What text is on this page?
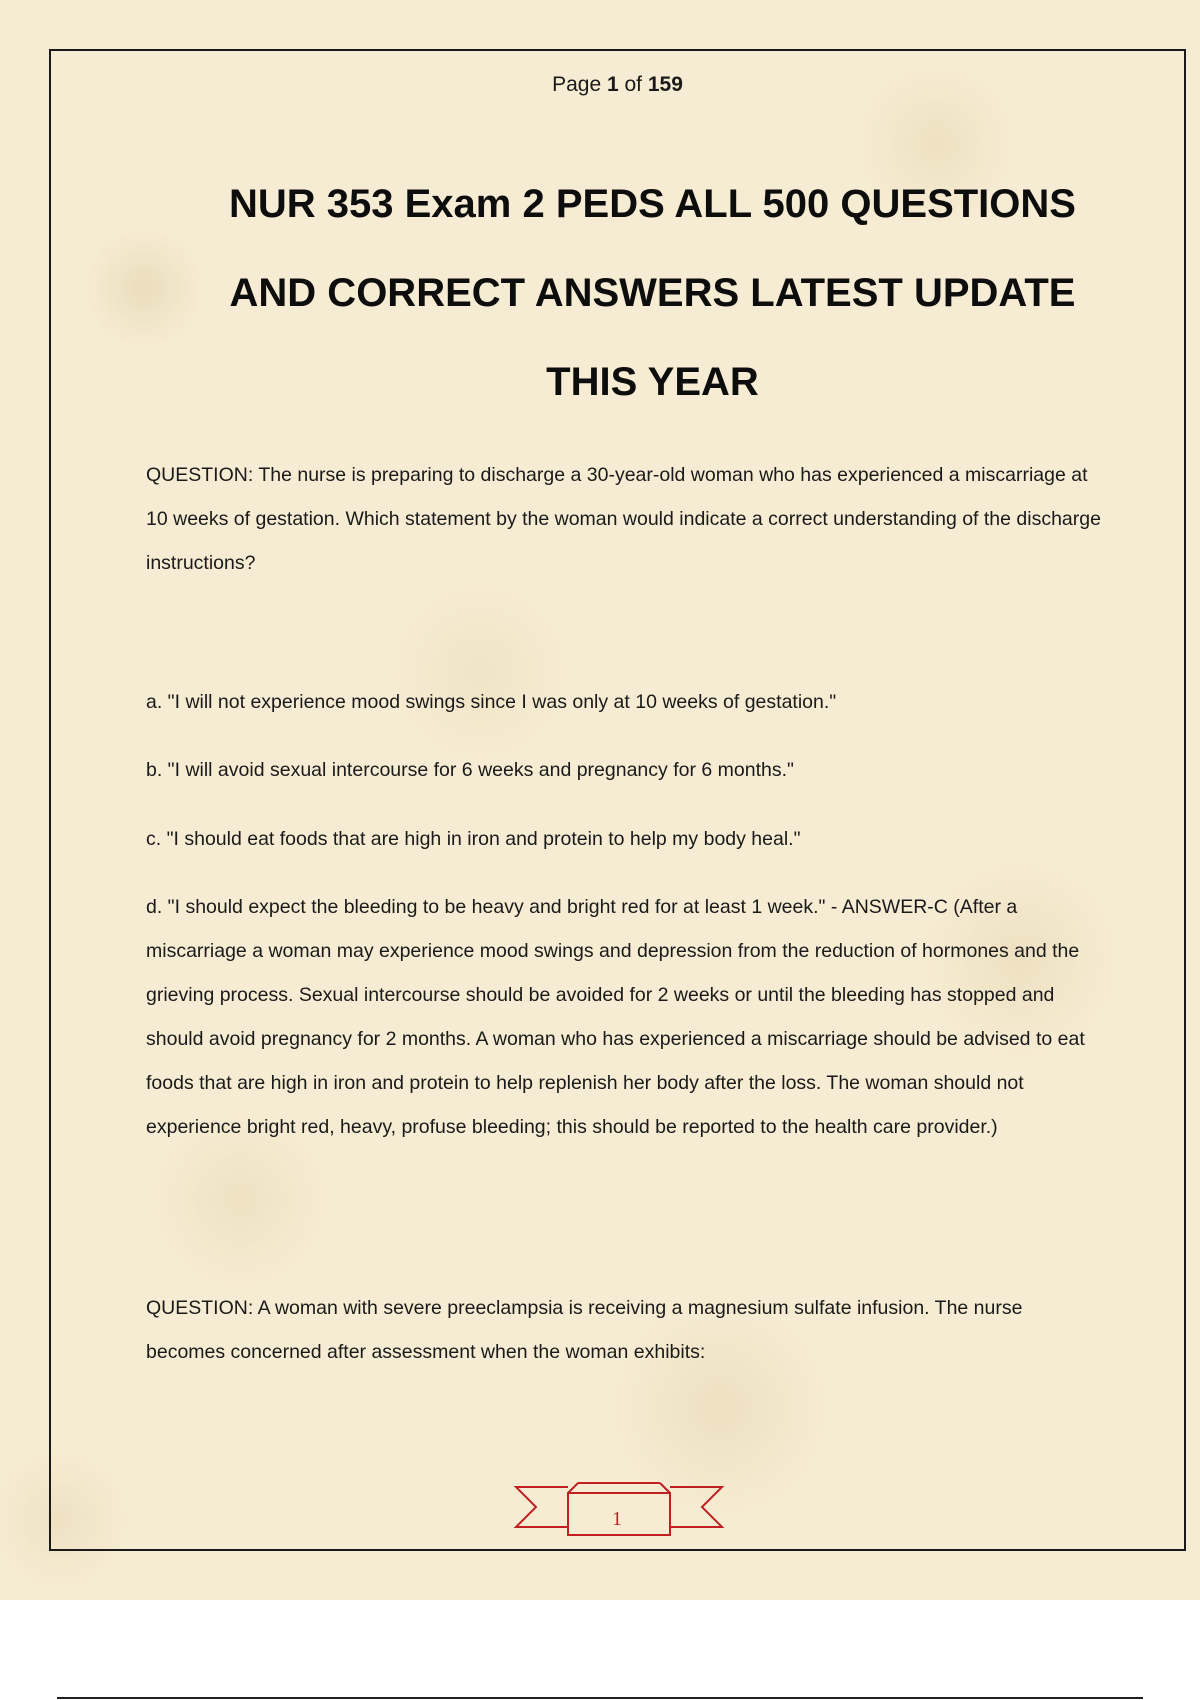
Page 1 of 159

NUR 353 Exam 2 PEDS ALL 500 QUESTIONS

AND CORRECT ANSWERS LATEST UPDATE

THIS YEAR

QUESTION: The nurse is preparing to discharge a 30-year-old woman who has experienced a miscarriage at 10 weeks of gestation. Which statement by the woman would indicate a correct understanding of the discharge instructions?

a. "I will not experience mood swings since I was only at 10 weeks of gestation."

b. "I will avoid sexual intercourse for 6 weeks and pregnancy for 6 months."

c. "I should eat foods that are high in iron and protein to help my body heal."

d. "I should expect the bleeding to be heavy and bright red for at least 1 week." - ANSWER-C (After a miscarriage a woman may experience mood swings and depression from the reduction of hormones and the grieving process. Sexual intercourse should be avoided for 2 weeks or until the bleeding has stopped and should avoid pregnancy for 2 months. A woman who has experienced a miscarriage should be advised to eat foods that are high in iron and protein to help replenish her body after the loss. The woman should not experience bright red, heavy, profuse bleeding; this should be reported to the health care provider.)

QUESTION: A woman with severe preeclampsia is receiving a magnesium sulfate infusion. The nurse becomes concerned after assessment when the woman exhibits:

1
